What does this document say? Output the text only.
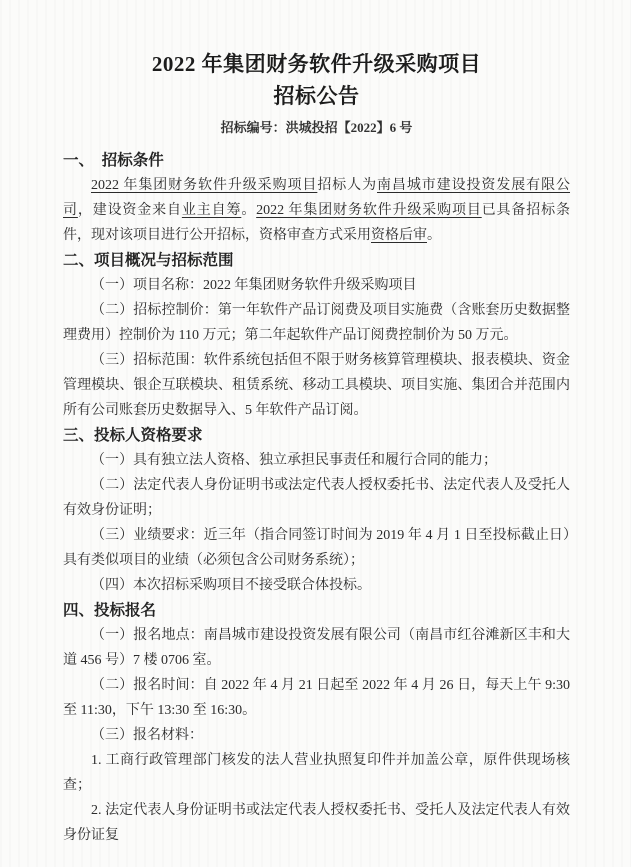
2022 年集团财务软件升级采购项目
招标公告

招标编号：洪城投招【2022】6 号

一、　招标条件

2022 年集团财务软件升级采购项目招标人为南昌城市建设投资发展有限公司，建设资金来自业主自筹。2022 年集团财务软件升级采购项目已具备招标条件，现对该项目进行公开招标，资格审查方式采用资格后审。

二、项目概况与招标范围

（一）项目名称：2022 年集团财务软件升级采购项目

（二）招标控制价：第一年软件产品订阅费及项目实施费（含账套历史数据整理费用）控制价为 110 万元；第二年起软件产品订阅费控制价为 50 万元。

（三）招标范围：软件系统包括但不限于财务核算管理模块、报表模块、资金管理模块、银企互联模块、租赁系统、移动工具模块、项目实施、集团合并范围内所有公司账套历史数据导入、5 年软件产品订阅。

三、投标人资格要求

（一）具有独立法人资格、独立承担民事责任和履行合同的能力；

（二）法定代表人身份证明书或法定代表人授权委托书、法定代表人及受托人有效身份证明；

（三）业绩要求：近三年（指合同签订时间为 2019 年 4 月 1 日至投标截止日）具有类似项目的业绩（必须包含公司财务系统）；

（四）本次招标采购项目不接受联合体投标。

四、投标报名

（一）报名地点：南昌城市建设投资发展有限公司（南昌市红谷滩新区丰和大道 456 号）7 楼 0706 室。

（二）报名时间：自 2022 年 4 月 21 日起至 2022 年 4 月 26 日，每天上午 9:30 至 11:30，下午 13:30 至 16:30。

（三）报名材料：

1. 工商行政管理部门核发的法人营业执照复印件并加盖公章，原件供现场核查；

2. 法定代表人身份证明书或法定代表人授权委托书、受托人及法定代表人有效身份证复
